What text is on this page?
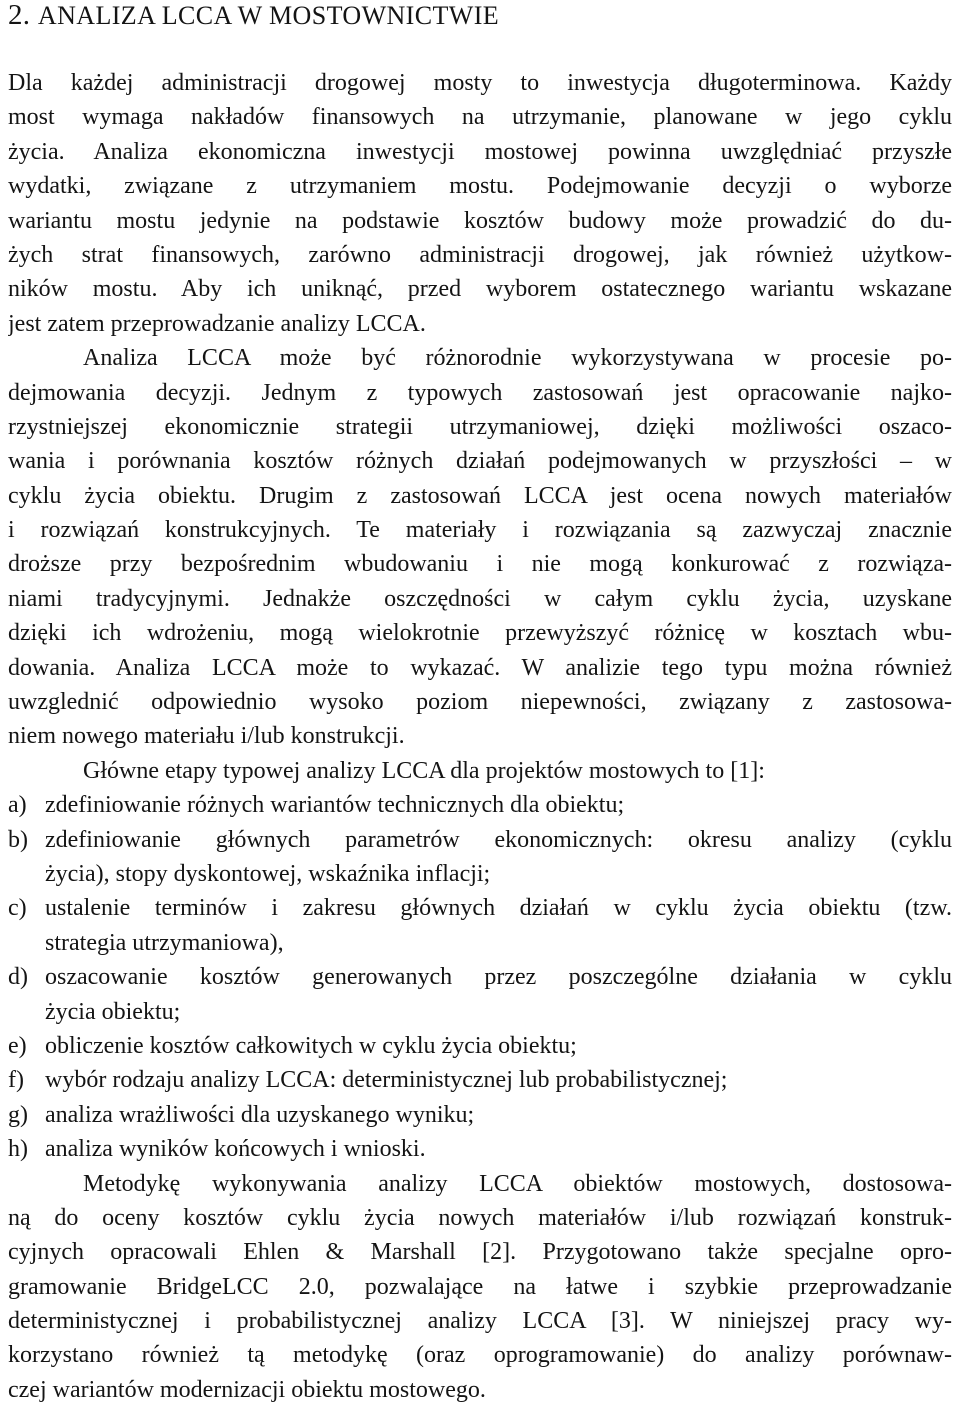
2. ANALIZA LCCA W MOSTOWNICTWIE
Dla każdej administracji drogowej mosty to inwestycja długoterminowa. Każdy
most wymaga nakładów finansowych na utrzymanie, planowane w jego cyklu
życia. Analiza ekonomiczna inwestycji mostowej powinna uwzględniać przyszłe
wydatki, związane z utrzymaniem mostu. Podejmowanie decyzji o wyborze
wariantu mostu jedynie na podstawie kosztów budowy może prowadzić do du-
żych strat finansowych, zarówno administracji drogowej, jak również użytkow-
ników mostu. Aby ich uniknąć, przed wyborem ostatecznego wariantu wskazane
jest zatem przeprowadzanie analizy LCCA.
Analiza LCCA może być różnorodnie wykorzystywana w procesie po-
dejmowania decyzji. Jednym z typowych zastosowań jest opracowanie najko-
rzystniejszej ekonomicznie strategii utrzymaniowej, dzięki możliwości oszaco-
wania i porównania kosztów różnych działań podejmowanych w przyszłości – w
cyklu życia obiektu. Drugim z zastosowań LCCA jest ocena nowych materiałów
i rozwiązań konstrukcyjnych. Te materiały i rozwiązania są zazwyczaj znacznie
droższe przy bezpośrednim wbudowaniu i nie mogą konkurować z rozwiąza-
niami tradycyjnymi. Jednakże oszczędności w całym cyklu życia, uzyskane
dzięki ich wdrożeniu, mogą wielokrotnie przewyższyć różnicę w kosztach wbu-
dowania. Analiza LCCA może to wykazać. W analizie tego typu można również
uwzglednić odpowiednio wysoko poziom niepewności, związany z zastosowa-
niem nowego materiału i/lub konstrukcji.
Główne etapy typowej analizy LCCA dla projektów mostowych to [1]:
a) zdefiniowanie różnych wariantów technicznych dla obiektu;
b) zdefiniowanie głównych parametrów ekonomicznych: okresu analizy (cyklu
życia), stopy dyskontowej, wskaźnika inflacji;
c) ustalenie terminów i zakresu głównych działań w cyklu życia obiektu (tzw.
strategia utrzymaniowa),
d) oszacowanie kosztów generowanych przez poszczególne działania w cyklu
życia obiektu;
e) obliczenie kosztów całkowitych w cyklu życia obiektu;
f) wybór rodzaju analizy LCCA: deterministycznej lub probabilistycznej;
g) analiza wrażliwości dla uzyskanego wyniku;
h) analiza wyników końcowych i wnioski.
Metodykę wykonywania analizy LCCA obiektów mostowych, dostosowa-
ną do oceny kosztów cyklu życia nowych materiałów i/lub rozwiązań konstruk-
cyjnych opracowali Ehlen & Marshall [2]. Przygotowano także specjalne opro-
gramowanie BridgeLCC 2.0, pozwalające na łatwe i szybkie przeprowadzanie
deterministycznej i probabilistycznej analizy LCCA [3]. W niniejszej pracy wy-
korzystano również tą metodykę (oraz oprogramowanie) do analizy porównaw-
czej wariantów modernizacji obiektu mostowego.
